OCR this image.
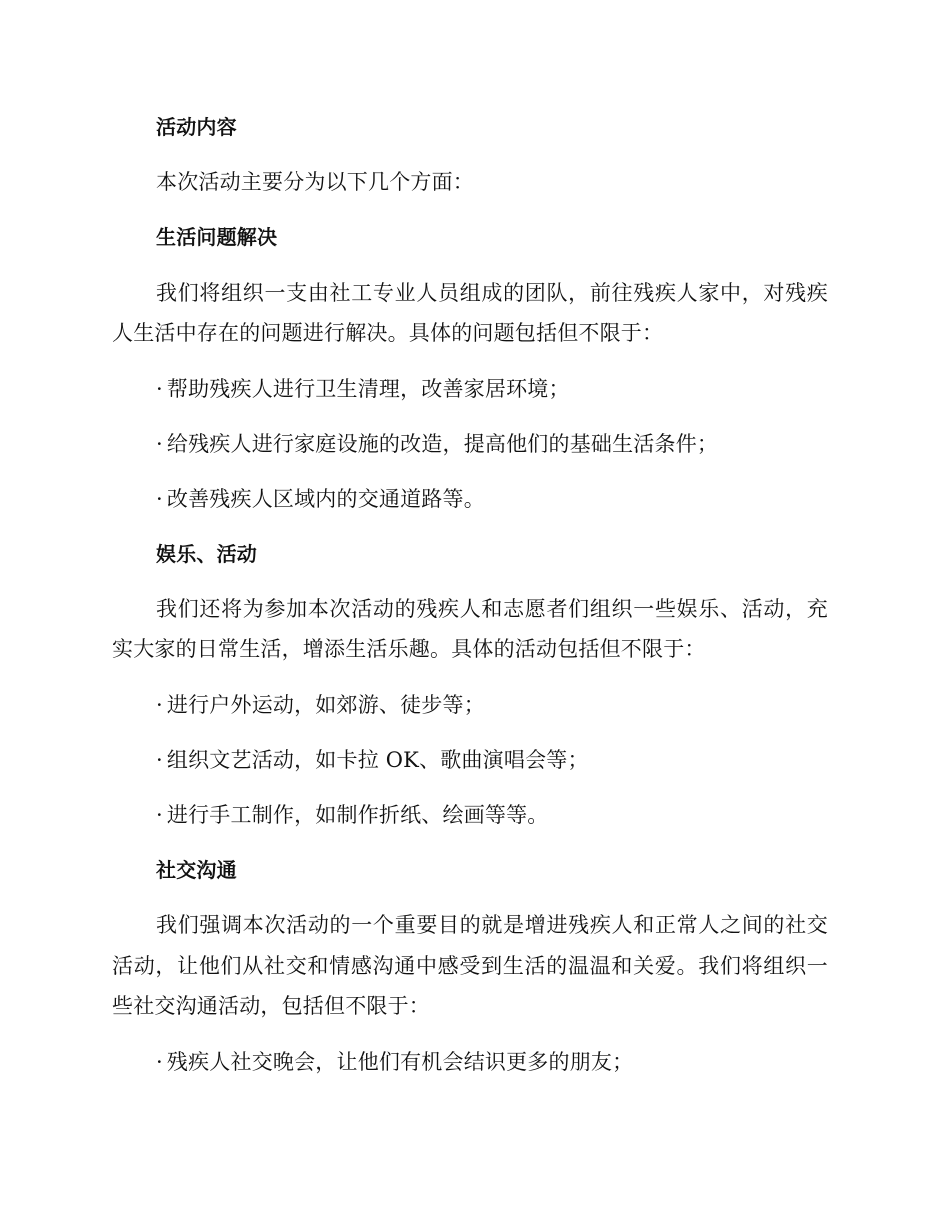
活动内容
本次活动主要分为以下几个方面：
生活问题解决
我们将组织一支由社工专业人员组成的团队，前往残疾人家中，对残疾
人生活中存在的问题进行解决。具体的问题包括但不限于：
· 帮助残疾人进行卫生清理，改善家居环境；
· 给残疾人进行家庭设施的改造，提高他们的基础生活条件；
· 改善残疾人区域内的交通道路等。
娱乐、活动
我们还将为参加本次活动的残疾人和志愿者们组织一些娱乐、活动，充
实大家的日常生活，增添生活乐趣。具体的活动包括但不限于：
· 进行户外运动，如郊游、徒步等；
· 组织文艺活动，如卡拉 OK、歌曲演唱会等；
· 进行手工制作，如制作折纸、绘画等等。
社交沟通
我们强调本次活动的一个重要目的就是增进残疾人和正常人之间的社交
活动，让他们从社交和情感沟通中感受到生活的温温和关爱。我们将组织一
些社交沟通活动，包括但不限于：
· 残疾人社交晚会，让他们有机会结识更多的朋友；
